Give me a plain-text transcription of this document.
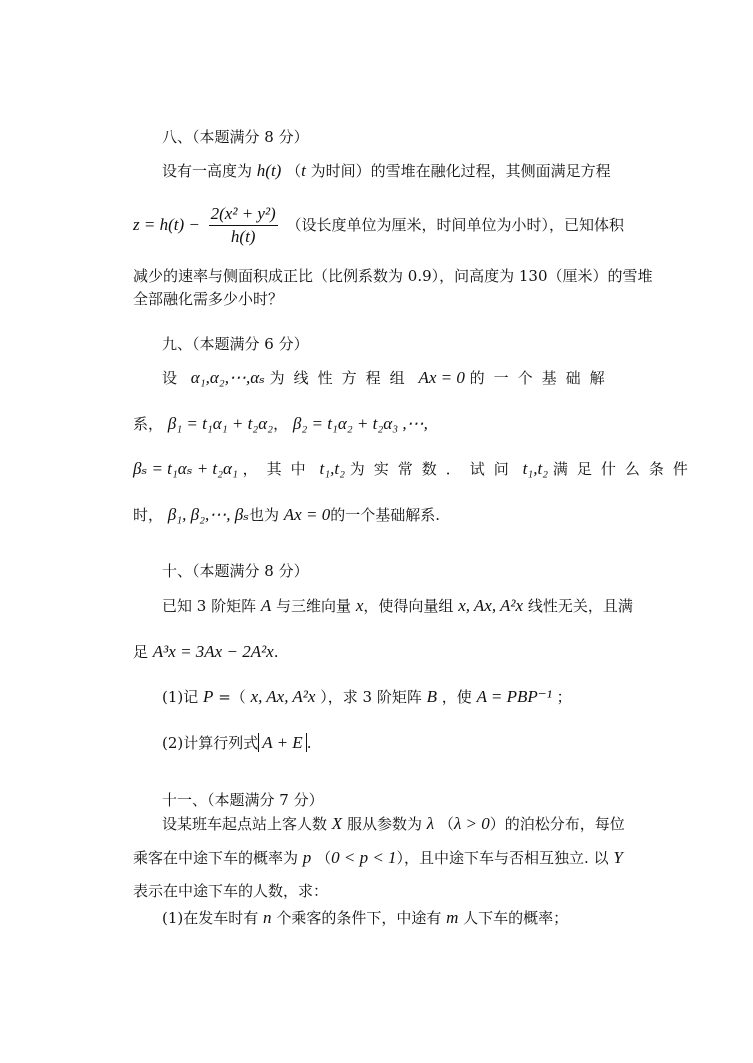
八、（本题满分 8 分）
设有一高度为 h(t) （t 为时间）的雪堆在融化过程，其侧面满足方程
$z = h(t) - \frac{\text{2(x² + y²)}}{h(t)}$ （设长度单位为厘米，时间单位为小时），已知体积
减少的速率与侧面积成正比（比例系数为 0.9），问高度为 130（厘米）的雪堆
全部融化需多少小时？
九、（本题满分 6 分）
设 α₁,α₂,⋯,αₛ 为线性方程组 Ax = 0 的一个基础解
系， β₁ = t₁α₁ + t₂α₂， β₂ = t₁α₂ + t₂α₃ ,⋯,
βₛ = t₁αₛ + t₂α₁ ，其中 t₁,t₂ 为实常数．试问 t₁,t₂ 满足什么条件
时， β₁, β₂,⋯, βₛ也为 Ax = 0的一个基础解系.
十、（本题满分 8 分）
已知 3 阶矩阵 A 与三维向量 x，使得向量组 x, Ax, A²x 线性无关，且满
足 A³x = 3Ax − 2A²x.
(1)记 P =（ x, Ax, A²x ），求 3 阶矩阵 B ，使 A = PBP⁻¹ ；
(2)计算行列式 A + E .
十一、（本题满分 7 分）
设某班车起点站上客人数 X 服从参数为 λ （λ > 0）的泊松分布，每位
乘客在中途下车的概率为 p （0 < p < 1），且中途下车与否相互独立. 以 Y
表示在中途下车的人数，求：
(1)在发车时有 n 个乘客的条件下，中途有 m 人下车的概率；
